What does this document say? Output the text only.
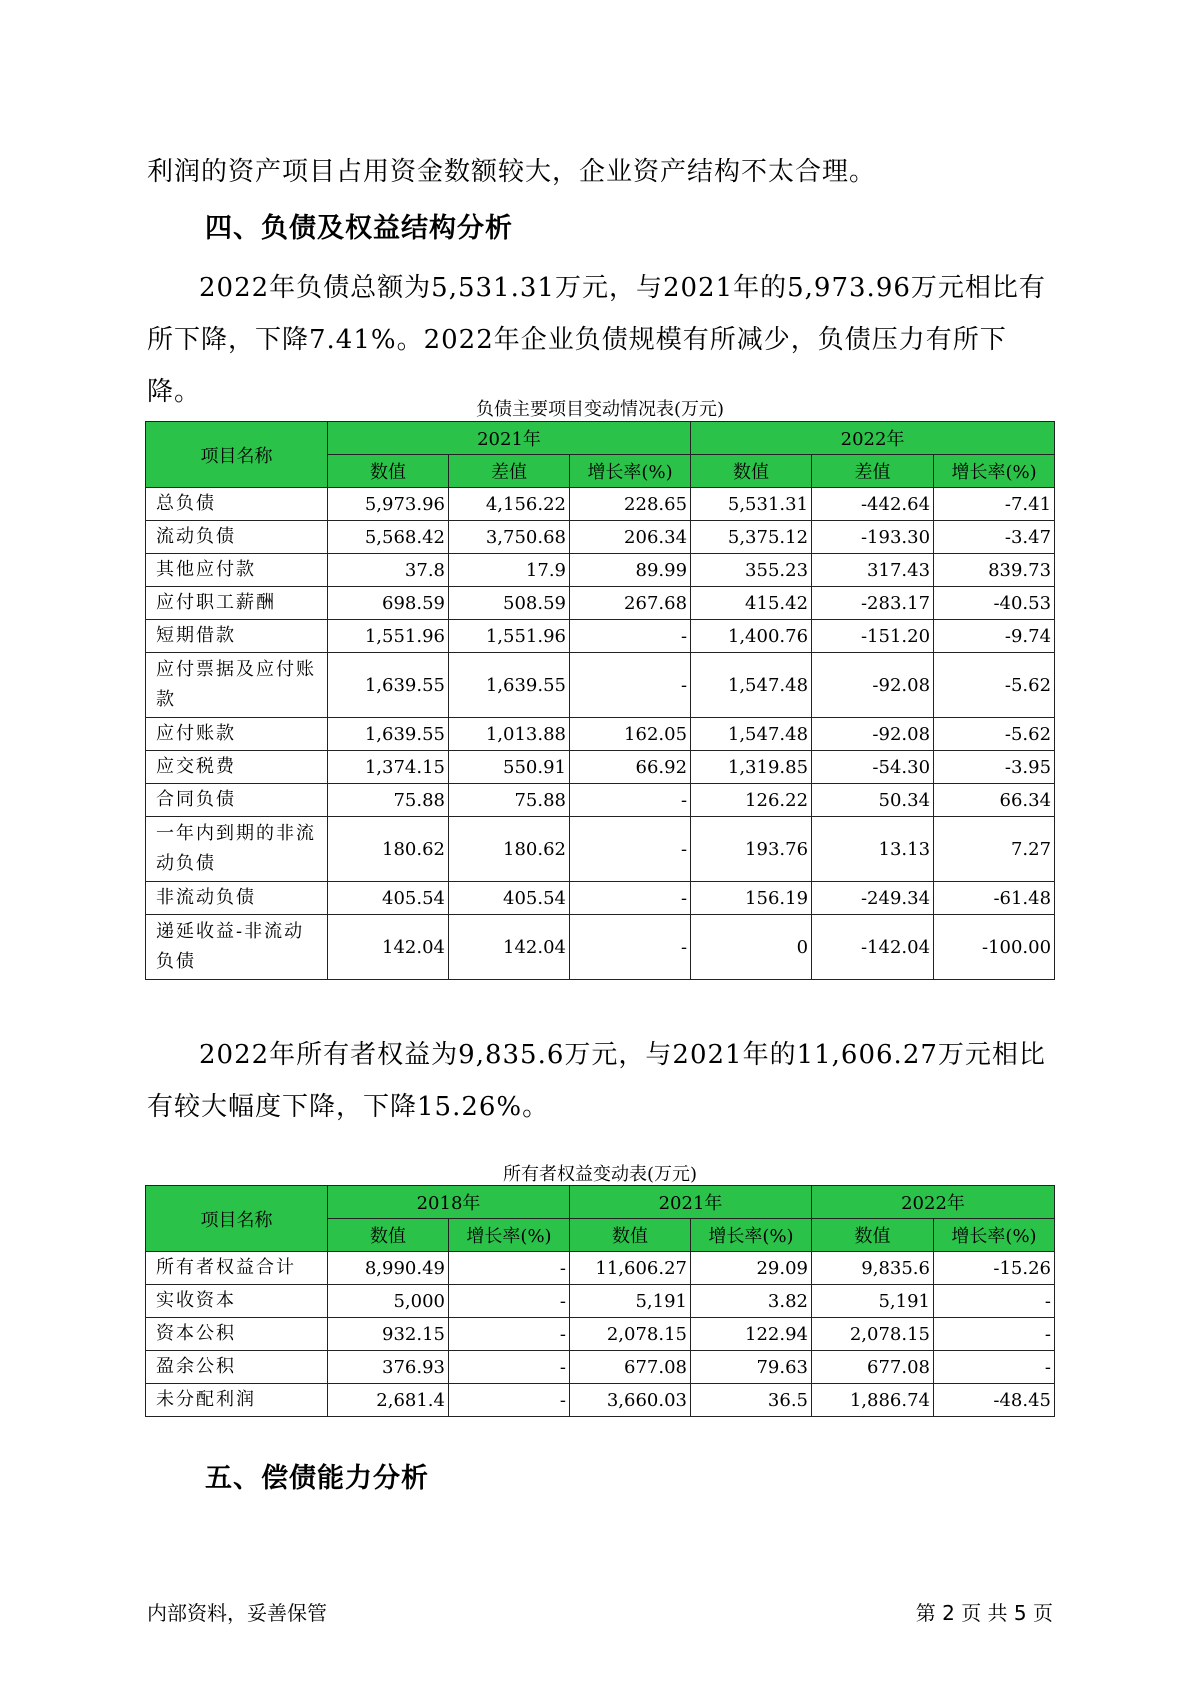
利润的资产项目占用资金数额较大，企业资产结构不太合理。

四、负债及权益结构分析

2022年负债总额为5,531.31万元，与2021年的5,973.96万元相比有所下降，下降7.41%。2022年企业负债规模有所减少，负债压力有所下降。

负债主要项目变动情况表(万元)

项目名称	2021年			2022年		
	数值	差值	增长率(%)	数值	差值	增长率(%)
总负债	5,973.96	4,156.22	228.65	5,531.31	-442.64	-7.41
流动负债	5,568.42	3,750.68	206.34	5,375.12	-193.30	-3.47
其他应付款	37.8	17.9	89.99	355.23	317.43	839.73
应付职工薪酬	698.59	508.59	267.68	415.42	-283.17	-40.53
短期借款	1,551.96	1,551.96	-	1,400.76	-151.20	-9.74
应付票据及应付账款	1,639.55	1,639.55	-	1,547.48	-92.08	-5.62
应付账款	1,639.55	1,013.88	162.05	1,547.48	-92.08	-5.62
应交税费	1,374.15	550.91	66.92	1,319.85	-54.30	-3.95
合同负债	75.88	75.88	-	126.22	50.34	66.34
一年内到期的非流动负债	180.62	180.62	-	193.76	13.13	7.27
非流动负债	405.54	405.54	-	156.19	-249.34	-61.48
递延收益-非流动负债	142.04	142.04	-	0	-142.04	-100.00

2022年所有者权益为9,835.6万元，与2021年的11,606.27万元相比有较大幅度下降，下降15.26%。

所有者权益变动表(万元)

项目名称	2018年		2021年		2022年	
	数值	增长率(%)	数值	增长率(%)	数值	增长率(%)
所有者权益合计	8,990.49	-	11,606.27	29.09	9,835.6	-15.26
实收资本	5,000	-	5,191	3.82	5,191	-
资本公积	932.15	-	2,078.15	122.94	2,078.15	-
盈余公积	376.93	-	677.08	79.63	677.08	-
未分配利润	2,681.4	-	3,660.03	36.5	1,886.74	-48.45
五、偿债能力分析
内部资料，妥善保管	第 2 页 共 5 页
